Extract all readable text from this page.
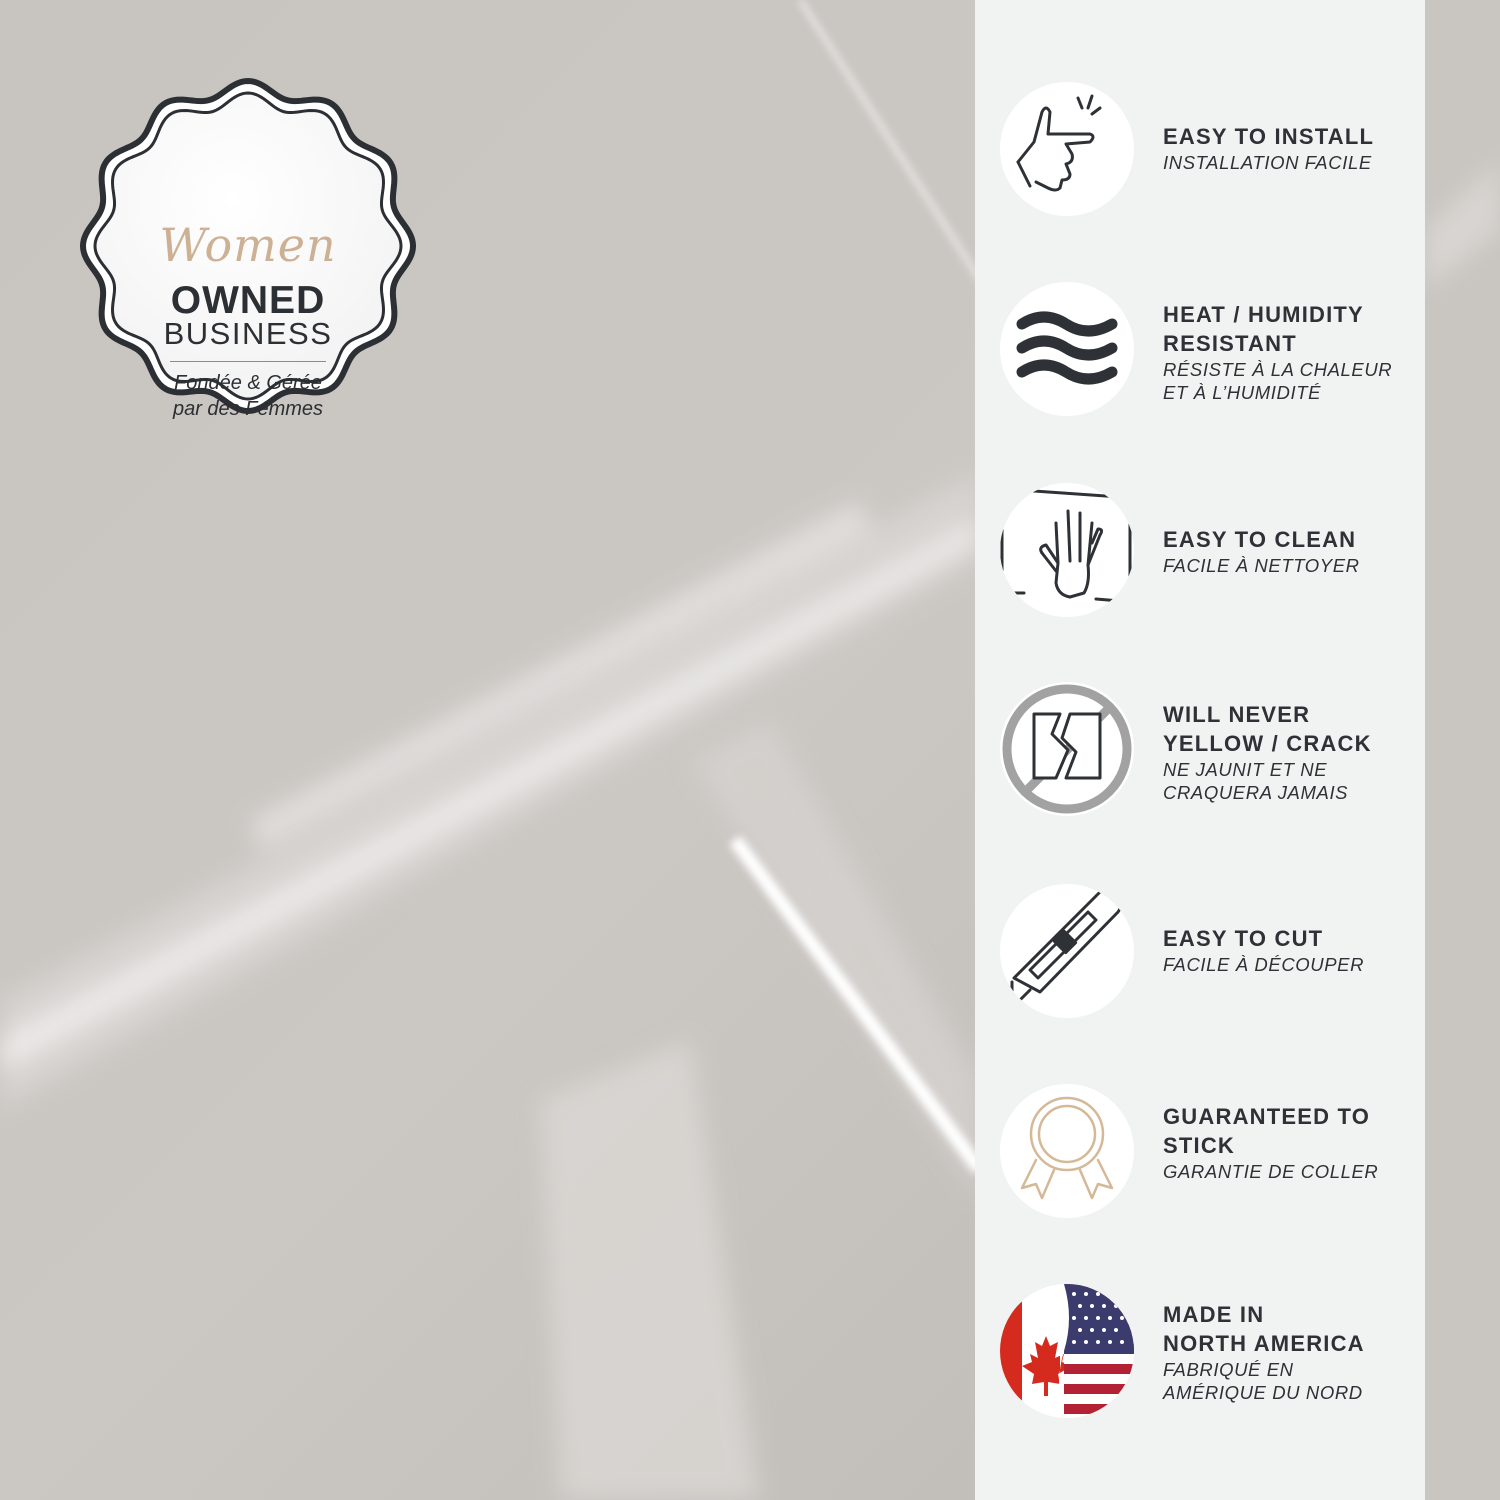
Women
OWNED
BUSINESS
Fondée & Gérée
par des Femmes
EASY TO INSTALL
INSTALLATION FACILE
HEAT / HUMIDITY
RESISTANT
RÉSISTE À LA CHALEUR
ET À L’HUMIDITÉ
EASY TO CLEAN
FACILE À NETTOYER
WILL NEVER
YELLOW / CRACK
NE JAUNIT ET NE
CRAQUERA JAMAIS
EASY TO CUT
FACILE À DÉCOUPER
GUARANTEED TO
STICK
GARANTIE DE COLLER
MADE IN
NORTH AMERICA
FABRIQUÉ EN
AMÉRIQUE DU NORD
